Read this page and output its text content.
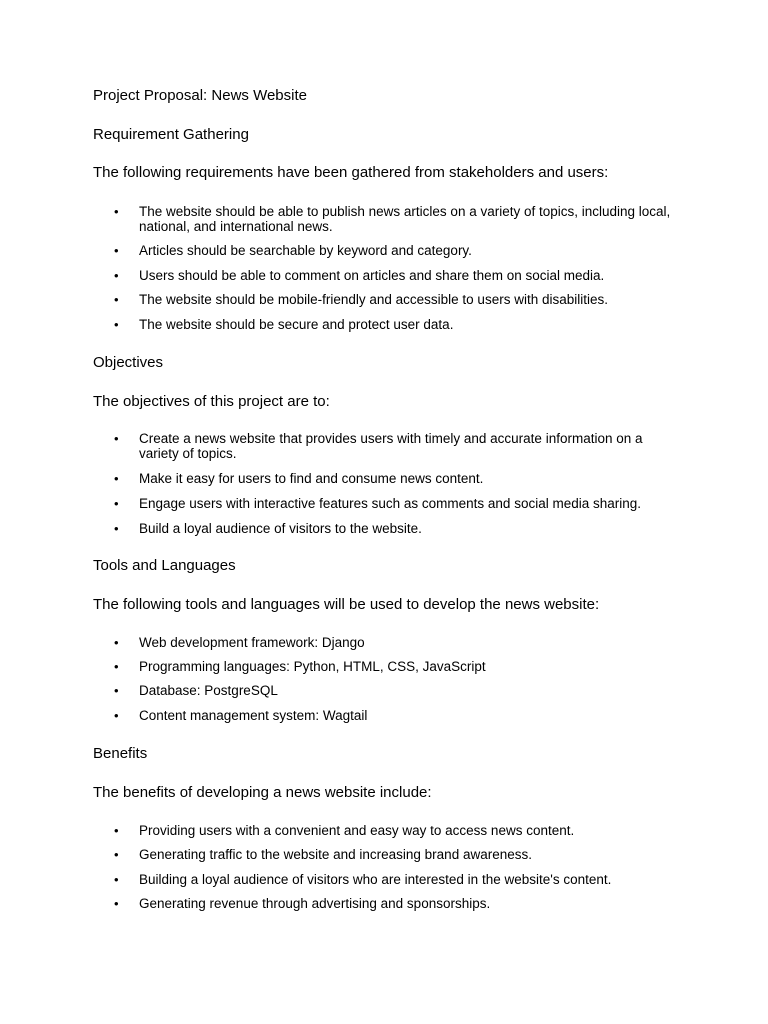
Project Proposal: News Website

Requirement Gathering

The following requirements have been gathered from stakeholders and users:

• The website should be able to publish news articles on a variety of topics, including local, national, and international news.
• Articles should be searchable by keyword and category.
• Users should be able to comment on articles and share them on social media.
• The website should be mobile-friendly and accessible to users with disabilities.
• The website should be secure and protect user data.

Objectives

The objectives of this project are to:

• Create a news website that provides users with timely and accurate information on a variety of topics.
• Make it easy for users to find and consume news content.
• Engage users with interactive features such as comments and social media sharing.
• Build a loyal audience of visitors to the website.

Tools and Languages

The following tools and languages will be used to develop the news website:

• Web development framework: Django
• Programming languages: Python, HTML, CSS, JavaScript
• Database: PostgreSQL
• Content management system: Wagtail

Benefits

The benefits of developing a news website include:

• Providing users with a convenient and easy way to access news content.
• Generating traffic to the website and increasing brand awareness.
• Building a loyal audience of visitors who are interested in the website's content.
• Generating revenue through advertising and sponsorships.
